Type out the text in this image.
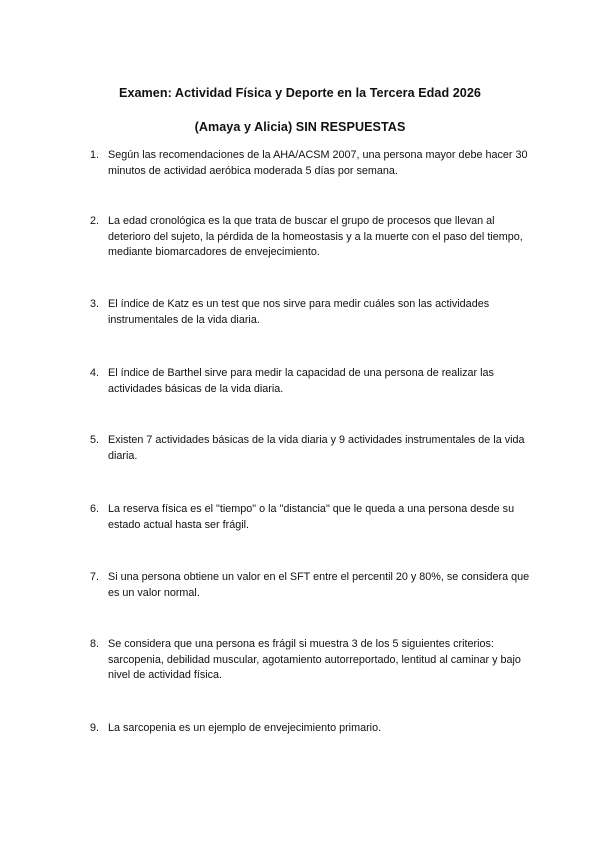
Examen: Actividad Física y Deporte en la Tercera Edad 2026
(Amaya y Alicia) SIN RESPUESTAS
1. Según las recomendaciones de la AHA/ACSM 2007, una persona mayor debe hacer 30 minutos de actividad aeróbica moderada 5 días por semana.
2. La edad cronológica es la que trata de buscar el grupo de procesos que llevan al deterioro del sujeto, la pérdida de la homeostasis y a la muerte con el paso del tiempo, mediante biomarcadores de envejecimiento.
3. El índice de Katz es un test que nos sirve para medir cuáles son las actividades instrumentales de la vida diaria.
4. El índice de Barthel sirve para medir la capacidad de una persona de realizar las actividades básicas de la vida diaria.
5. Existen 7 actividades básicas de la vida diaria y 9 actividades instrumentales de la vida diaria.
6. La reserva física es el "tiempo" o la "distancia" que le queda a una persona desde su estado actual hasta ser frágil.
7. Si una persona obtiene un valor en el SFT entre el percentil 20 y 80%, se considera que es un valor normal.
8. Se considera que una persona es frágil si muestra 3 de los 5 siguientes criterios: sarcopenia, debilidad muscular, agotamiento autorreportado, lentitud al caminar y bajo nivel de actividad física.
9. La sarcopenia es un ejemplo de envejecimiento primario.
